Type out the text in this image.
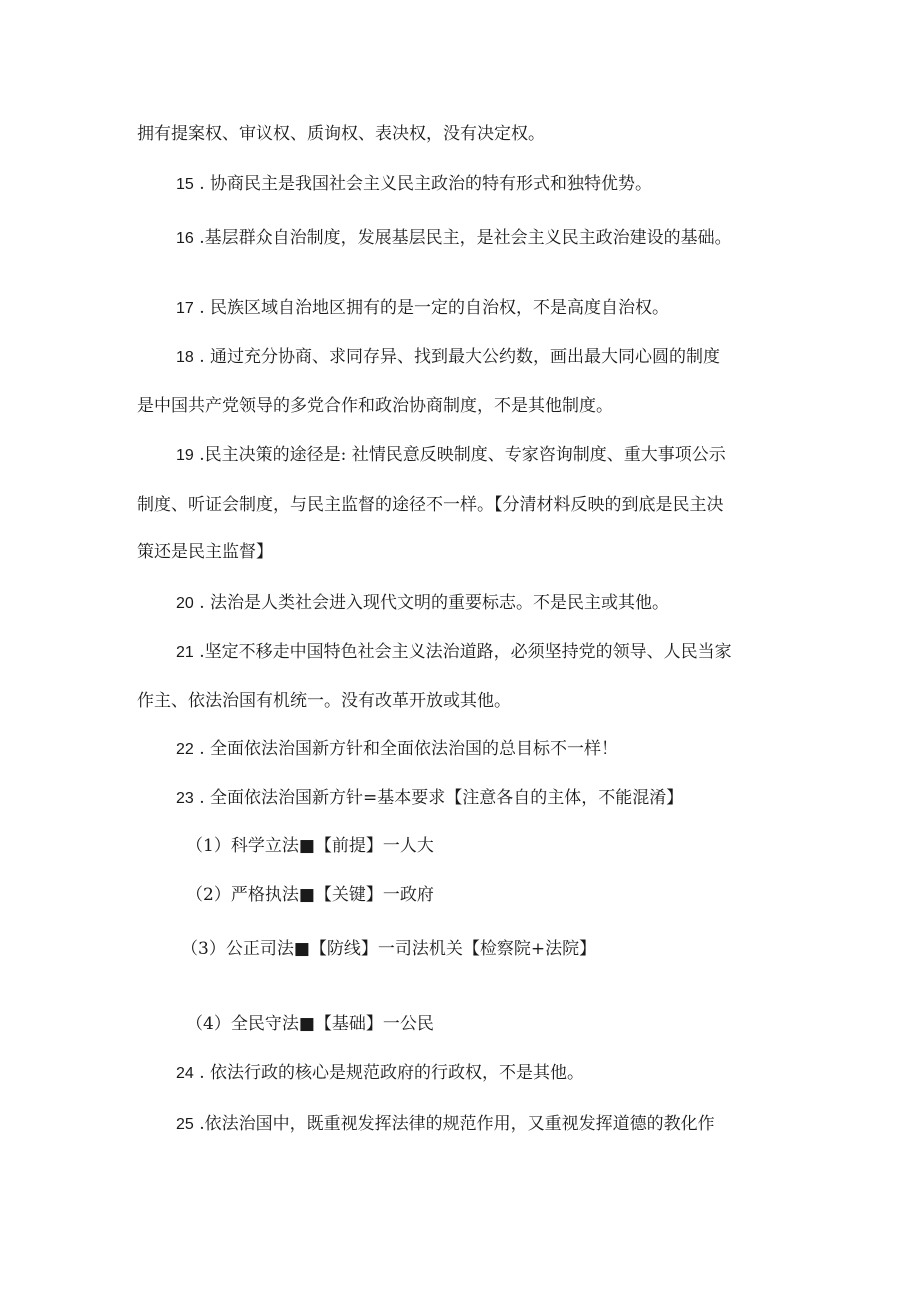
拥有提案权、审议权、质询权、表决权，没有决定权。
15 . 协商民主是我国社会主义民主政治的特有形式和独特优势。
16 .基层群众自治制度，发展基层民主，是社会主义民主政治建设的基础。
17 . 民族区域自治地区拥有的是一定的自治权，不是高度自治权。
18 . 通过充分协商、求同存异、找到最大公约数，画出最大同心圆的制度
是中国共产党领导的多党合作和政治协商制度，不是其他制度。
19 .民主决策的途径是: 社情民意反映制度、专家咨询制度、重大事项公示
制度、听证会制度，与民主监督的途径不一样。【分清材料反映的到底是民主决
策还是民主监督】
20 . 法治是人类社会进入现代文明的重要标志。不是民主或其他。
21 .坚定不移走中国特色社会主义法治道路，必须坚持党的领导、人民当家
作主、依法治国有机统一。没有改革开放或其他。
22 . 全面依法治国新方针和全面依法治国的总目标不一样！
23 . 全面依法治国新方针=基本要求【注意各自的主体，不能混淆】
（1）科学立法■【前提】一人大
（2）严格执法■【关键】一政府
（3）公正司法■【防线】一司法机关【检察院+法院】
（4）全民守法■【基础】一公民
24 . 依法行政的核心是规范政府的行政权，不是其他。
25 .依法治国中，既重视发挥法律的规范作用，又重视发挥道德的教化作
